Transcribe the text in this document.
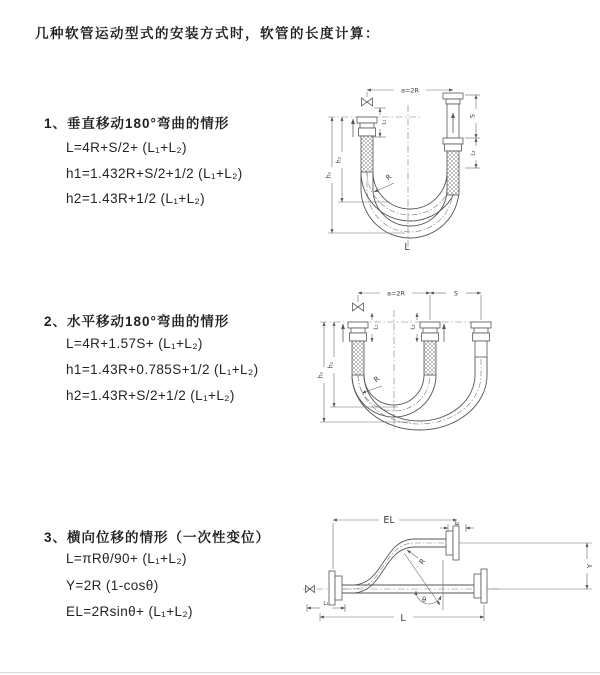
几种软管运动型式的安装方式时，软管的长度计算：
1、垂直移动180°弯曲的情形
L=4R+S/2+ (L₁+L₂)
h1=1.432R+S/2+1/2 (L₁+L₂)
h2=1.43R+1/2 (L₁+L₂)
a=2R
S
L₂
L₁
h₁
h₂
R
L
2、水平移动180°弯曲的情形
L=4R+1.57S+ (L₁+L₂)
h1=1.43R+0.785S+1/2 (L₁+L₂)
h2=1.43R+S/2+1/2 (L₁+L₂)
a=2R	S
L₁	L₂
h₁
h₂
R
3、横向位移的情形（一次性变位）
L=πRθ/90+ (L₁+L₂)
Y=2R (1-cosθ)
EL=2Rsinθ+ (L₁+L₂)
θ
EL	L₂
Y
L₁
L
R
